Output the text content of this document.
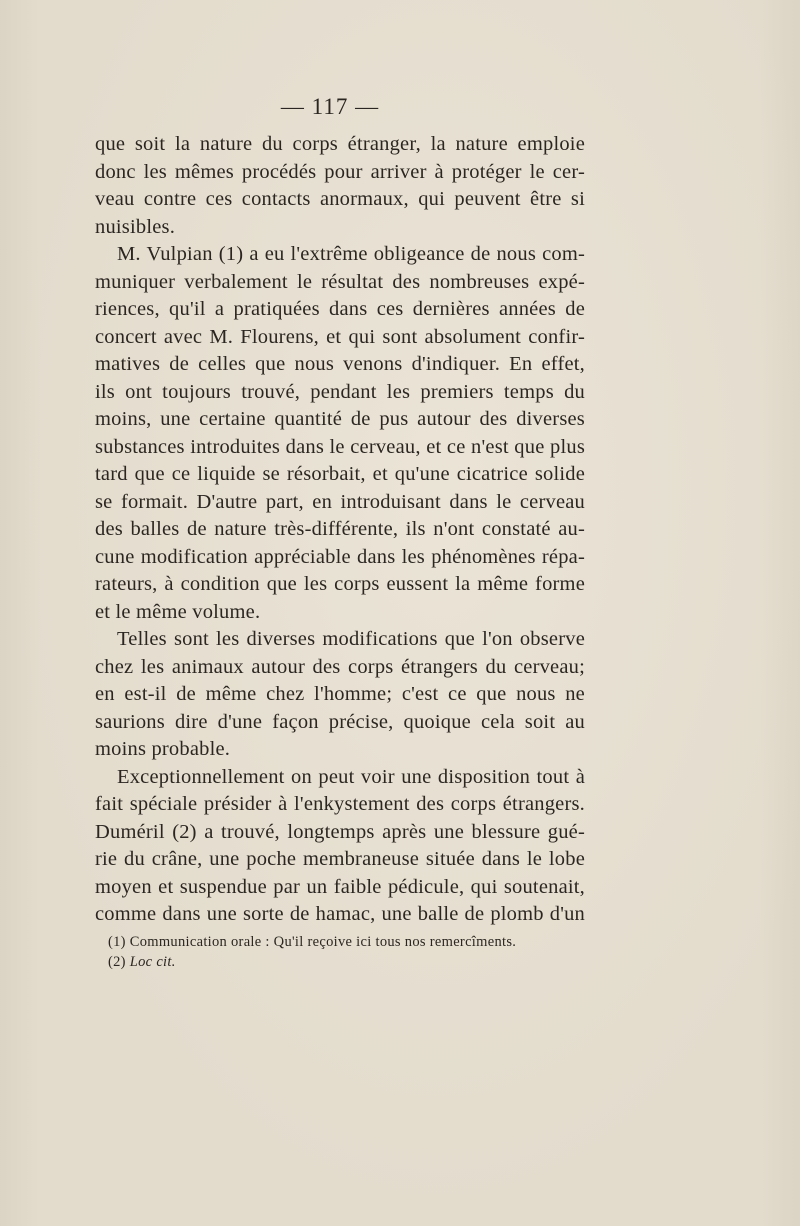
— 117 —
que soit la nature du corps étranger, la nature emploie
donc les mêmes procédés pour arriver à protéger le cer-
veau contre ces contacts anormaux, qui peuvent être si
nuisibles.
M. Vulpian (1) a eu l'extrême obligeance de nous com-
muniquer verbalement le résultat des nombreuses expé-
riences, qu'il a pratiquées dans ces dernières années de
concert avec M. Flourens, et qui sont absolument confir-
matives de celles que nous venons d'indiquer. En effet,
ils ont toujours trouvé, pendant les premiers temps du
moins, une certaine quantité de pus autour des diverses
substances introduites dans le cerveau, et ce n'est que plus
tard que ce liquide se résorbait, et qu'une cicatrice solide
se formait. D'autre part, en introduisant dans le cerveau
des balles de nature très-différente, ils n'ont constaté au-
cune modification appréciable dans les phénomènes répa-
rateurs, à condition que les corps eussent la même forme
et le même volume.
Telles sont les diverses modifications que l'on observe
chez les animaux autour des corps étrangers du cerveau;
en est-il de même chez l'homme; c'est ce que nous ne
saurions dire d'une façon précise, quoique cela soit au
moins probable.
Exceptionnellement on peut voir une disposition tout à
fait spéciale présider à l'enkystement des corps étrangers.
Duméril (2) a trouvé, longtemps après une blessure gué-
rie du crâne, une poche membraneuse située dans le lobe
moyen et suspendue par un faible pédicule, qui soutenait,
comme dans une sorte de hamac, une balle de plomb d'un
(1) Communication orale : Qu'il reçoive ici tous nos remercîments.
(2) Loc cit.
